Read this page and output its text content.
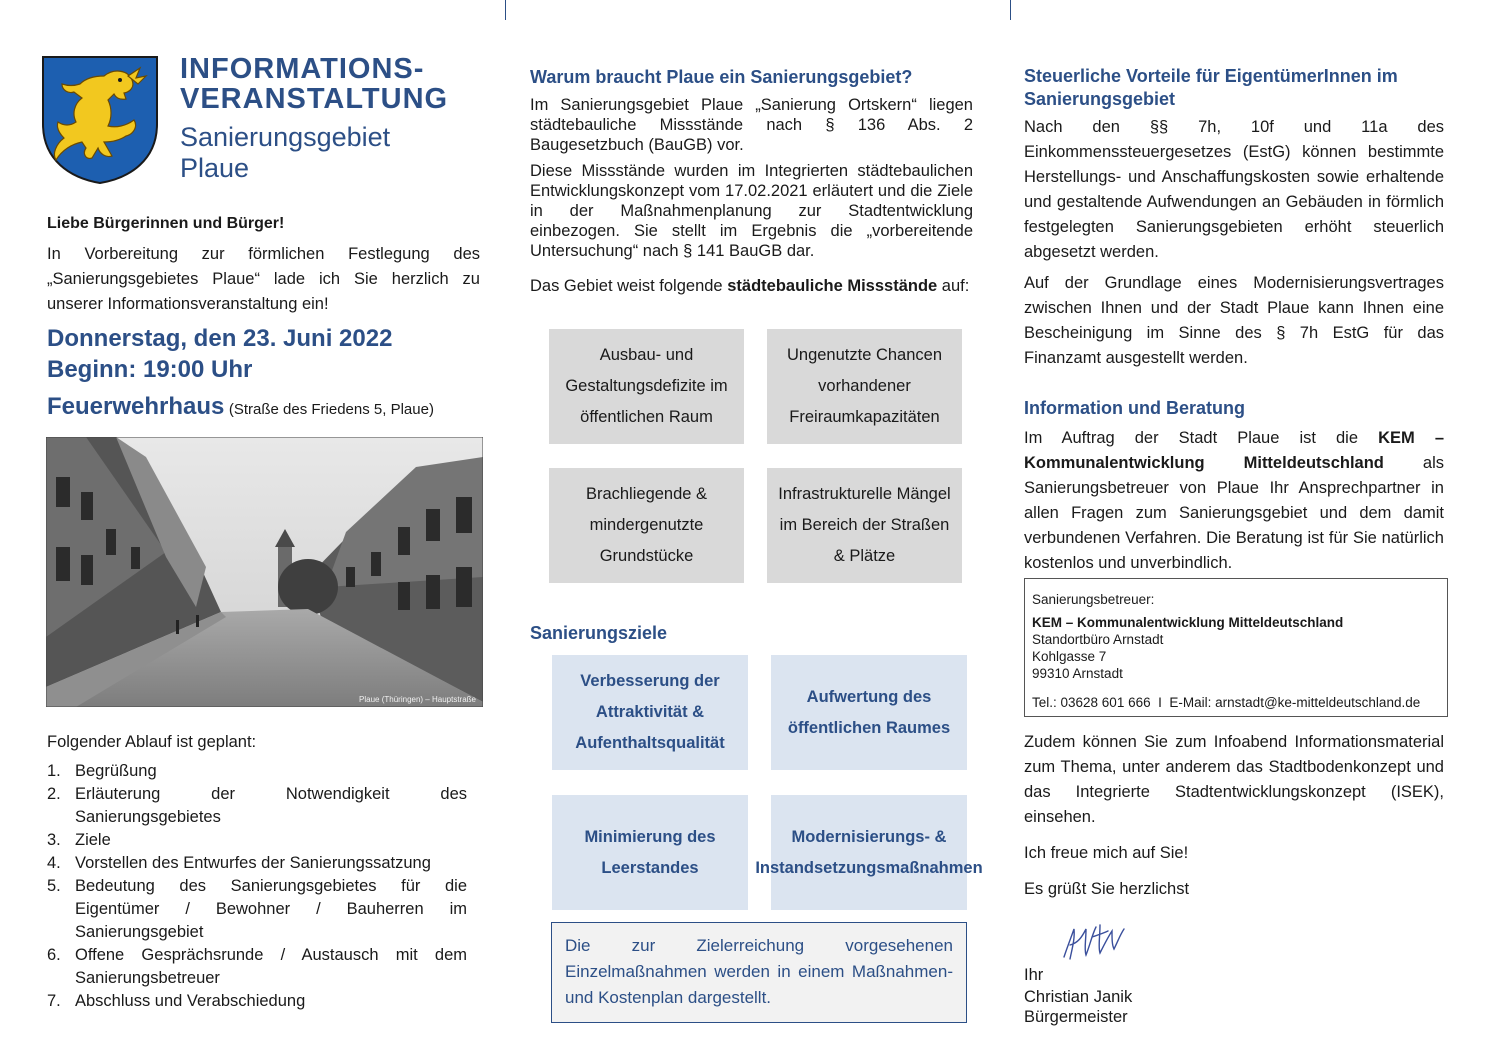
INFORMATIONS-
VERANSTALTUNG
Sanierungsgebiet
Plaue
Liebe Bürgerinnen und Bürger!

In Vorbereitung zur förmlichen Festlegung des „Sanierungsgebietes Plaue“ lade ich Sie herzlich zu unserer Informationsveranstaltung ein!

Donnerstag, den 23. Juni 2022
Beginn: 19:00 Uhr
Feuerwehrhaus (Straße des Friedens 5, Plaue)
Plaue (Thüringen) – Hauptstraße
Folgender Ablauf ist geplant:
1. Begrüßung
2. Erläuterung der Notwendigkeit des Sanierungsgebietes
3. Ziele
4. Vorstellen des Entwurfes der Sanierungssatzung
5. Bedeutung des Sanierungsgebietes für die Eigentümer / Bewohner / Bauherren im Sanierungsgebiet
6. Offene Gesprächsrunde / Austausch mit dem Sanierungsbetreuer
7. Abschluss und Verabschiedung
Warum braucht Plaue ein Sanierungsgebiet?

Im Sanierungsgebiet Plaue „Sanierung Ortskern“ liegen städtebauliche Missstände nach § 136 Abs. 2 Baugesetzbuch (BauGB) vor.

Diese Missstände wurden im Integrierten städtebaulichen Entwicklungskonzept vom 17.02.2021 erläutert und die Ziele in der Maßnahmenplanung zur Stadtentwicklung einbezogen. Sie stellt im Ergebnis die „vorbereitende Untersuchung“ nach § 141 BauGB dar.

Das Gebiet weist folgende städtebauliche Missstände auf:

Ausbau- und Gestaltungsdefizite im öffentlichen Raum
Ungenutzte Chancen vorhandener Freiraumkapazitäten
Brachliegende & mindergenutzte Grundstücke
Infrastrukturelle Mängel im Bereich der Straßen & Plätze
Sanierungsziele
Verbesserung der Attraktivität & Aufenthaltsqualität
Aufwertung des öffentlichen Raumes
Minimierung des Leerstandes
Modernisierungs- & Instandsetzungsmaßnahmen
Die zur Zielerreichung vorgesehenen Einzelmaßnahmen werden in einem Maßnahmen- und Kostenplan dargestellt.
Steuerliche Vorteile für EigentümerInnen im Sanierungsgebiet

Nach den §§ 7h, 10f und 11a des Einkommenssteuergesetzes (EstG) können bestimmte Herstellungs- und Anschaffungskosten sowie erhaltende und gestaltende Aufwendungen an Gebäuden in förmlich festgelegten Sanierungsgebieten erhöht steuerlich abgesetzt werden.

Auf der Grundlage eines Modernisierungsvertrages zwischen Ihnen und der Stadt Plaue kann Ihnen eine Bescheinigung im Sinne des § 7h EstG für das Finanzamt ausgestellt werden.

Information und Beratung

Im Auftrag der Stadt Plaue ist die KEM – Kommunalentwicklung Mitteldeutschland als Sanierungsbetreuer von Plaue Ihr Ansprechpartner in allen Fragen zum Sanierungsgebiet und dem damit verbundenen Verfahren. Die Beratung ist für Sie natürlich kostenlos und unverbindlich.

Sanierungsbetreuer:
KEM – Kommunalentwicklung Mitteldeutschland
Standortbüro Arnstadt
Kohlgasse 7
99310 Arnstadt
Tel.: 03628 601 666 I E-Mail: arnstadt@ke-mitteldeutschland.de

Zudem können Sie zum Infoabend Informationsmaterial zum Thema, unter anderem das Stadtbodenkonzept und das Integrierte Stadtentwicklungskonzept (ISEK), einsehen.

Ich freue mich auf Sie!

Es grüßt Sie herzlichst

Ihr

Christian Janik

Bürgermeister
